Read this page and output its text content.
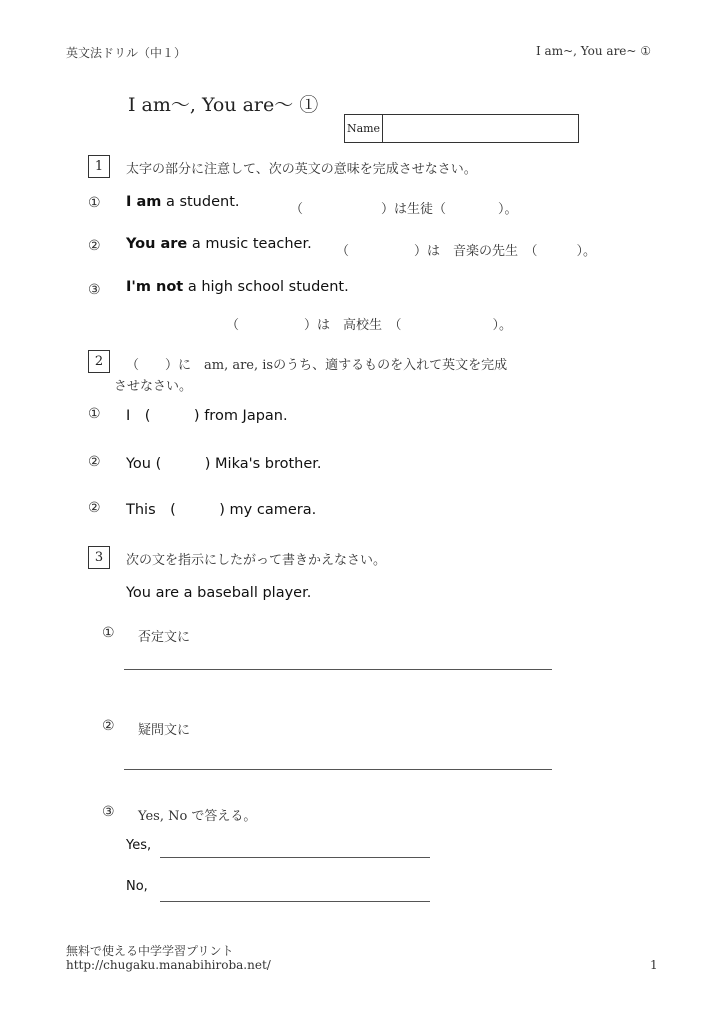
英文法ドリル（中１）	I am~, You are~ ①
I am〜, You are〜 ①
Name
1	太字の部分に注意して、次の英文の意味を完成させなさい。
① I am a student.	（　　　　　　）は生徒（　　　　）。
② You are a music teacher. （　　　　　）は　音楽の先生　（　　　）。
③ I'm not a high school student.
（　　　　　）は　高校生　（　　　　　　　）。
2	（　　）に　am, are, isのうち、適するものを入れて英文を完成
させなさい。
① I　(　　　) from Japan.
② You (　　　) Mika's brother.
② This　(　　　) my camera.
3	次の文を指示にしたがって書きかえなさい。
You are a baseball player.
① 否定文に
② 疑問文に
③ Yes, No で答える。
Yes,
No,
無料で使える中学学習プリント
http://chugaku.manabihiroba.net/	1
